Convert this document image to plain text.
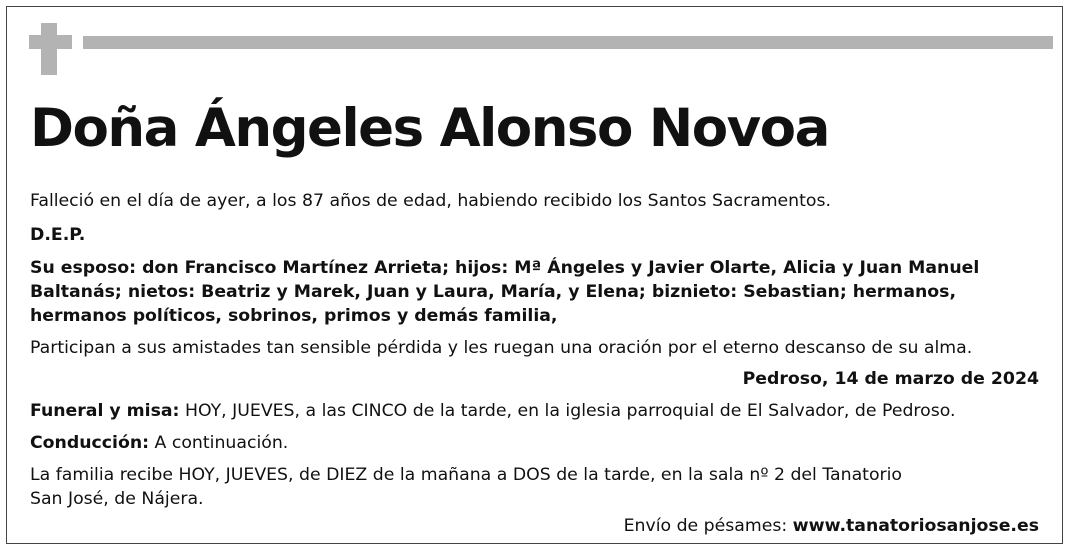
Doña Ángeles Alonso Novoa

Falleció en el día de ayer, a los 87 años de edad, habiendo recibido los Santos Sacramentos.

D.E.P.

Su esposo: don Francisco Martínez Arrieta; hijos: Mª Ángeles y Javier Olarte, Alicia y Juan Manuel

Baltanás; nietos: Beatriz y Marek, Juan y Laura, María, y Elena; biznieto: Sebastian; hermanos,

hermanos políticos, sobrinos, primos y demás familia,

Participan a sus amistades tan sensible pérdida y les ruegan una oración por el eterno descanso de su alma.

Pedroso, 14 de marzo de 2024

Funeral y misa: HOY, JUEVES, a las CINCO de la tarde, en la iglesia parroquial de El Salvador, de Pedroso.

Conducción: A continuación.

La familia recibe HOY, JUEVES, de DIEZ de la mañana a DOS de la tarde, en la sala nº 2 del Tanatorio

San José, de Nájera.

Envío de pésames: www.tanatoriosanjose.es
